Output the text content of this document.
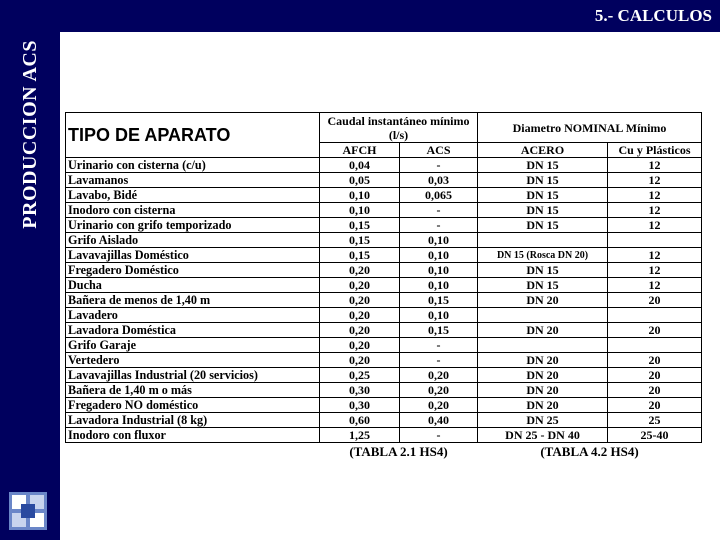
PRODUCCION ACS
5.- CALCULOS
TIPO DE APARATO	Caudal instantáneo mínimo (l/s)		Diametro NOMINAL Mínimo	
	AFCH	ACS	ACERO	Cu y Plásticos
Urinario con cisterna (c/u)	0,04	-	DN 15	12
Lavamanos	0,05	0,03	DN 15	12
Lavabo, Bidé	0,10	0,065	DN 15	12
Inodoro con cisterna	0,10	-	DN 15	12
Urinario con grifo temporizado	0,15	-	DN 15	12
Grifo Aislado	0,15	0,10		
Lavavajillas Doméstico	0,15	0,10	DN 15 (Rosca DN 20)	12
Fregadero Doméstico	0,20	0,10	DN 15	12
Ducha	0,20	0,10	DN 15	12
Bañera de menos de 1,40 m	0,20	0,15	DN 20	20
Lavadero	0,20	0,10		
Lavadora Doméstica	0,20	0,15	DN 20	20
Grifo Garaje	0,20	-		
Vertedero	0,20	-	DN 20	20
Lavavajillas Industrial (20 servicios)	0,25	0,20	DN 20	20
Bañera de 1,40 m o más	0,30	0,20	DN 20	20
Fregadero NO doméstico	0,30	0,20	DN 20	20
Lavadora Industrial (8 kg)	0,60	0,40	DN 25	25
Inodoro con fluxor	1,25	-	DN 25 - DN 40	25-40
	(TABLA 2.1 HS4)		(TABLA 4.2 HS4)	
